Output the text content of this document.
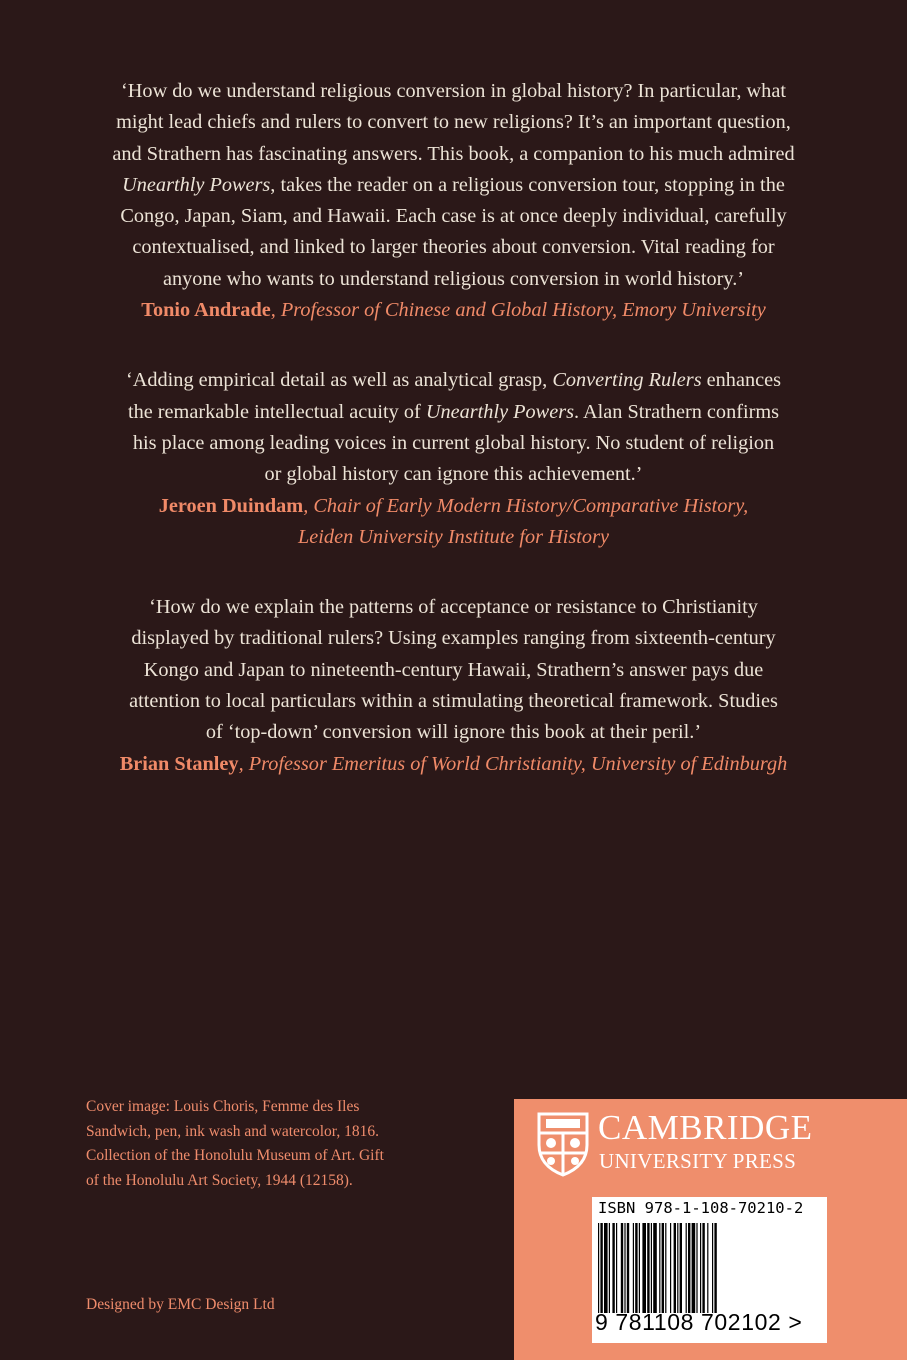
‘How do we understand religious conversion in global history? In particular, what
might lead chiefs and rulers to convert to new religions? It’s an important question,
and Strathern has fascinating answers. This book, a companion to his much admired
Unearthly Powers, takes the reader on a religious conversion tour, stopping in the
Congo, Japan, Siam, and Hawaii. Each case is at once deeply individual, carefully
contextualised, and linked to larger theories about conversion. Vital reading for
anyone who wants to understand religious conversion in world history.’
Tonio Andrade, Professor of Chinese and Global History, Emory University
‘Adding empirical detail as well as analytical grasp, Converting Rulers enhances
the remarkable intellectual acuity of Unearthly Powers. Alan Strathern confirms
his place among leading voices in current global history. No student of religion
or global history can ignore this achievement.’
Jeroen Duindam, Chair of Early Modern History/Comparative History,
Leiden University Institute for History
‘How do we explain the patterns of acceptance or resistance to Christianity
displayed by traditional rulers? Using examples ranging from sixteenth-century
Kongo and Japan to nineteenth-century Hawaii, Strathern’s answer pays due
attention to local particulars within a stimulating theoretical framework. Studies
of ‘top-down’ conversion will ignore this book at their peril.’
Brian Stanley, Professor Emeritus of World Christianity, University of Edinburgh
Cover image: Louis Choris, Femme des Iles
Sandwich, pen, ink wash and watercolor, 1816.
Collection of the Honolulu Museum of Art. Gift
of the Honolulu Art Society, 1944 (12158).
Designed by EMC Design Ltd
CAMBRIDGE
UNIVERSITY PRESS
ISBN 978-1-108-70210-2
9 781108 702102 >
